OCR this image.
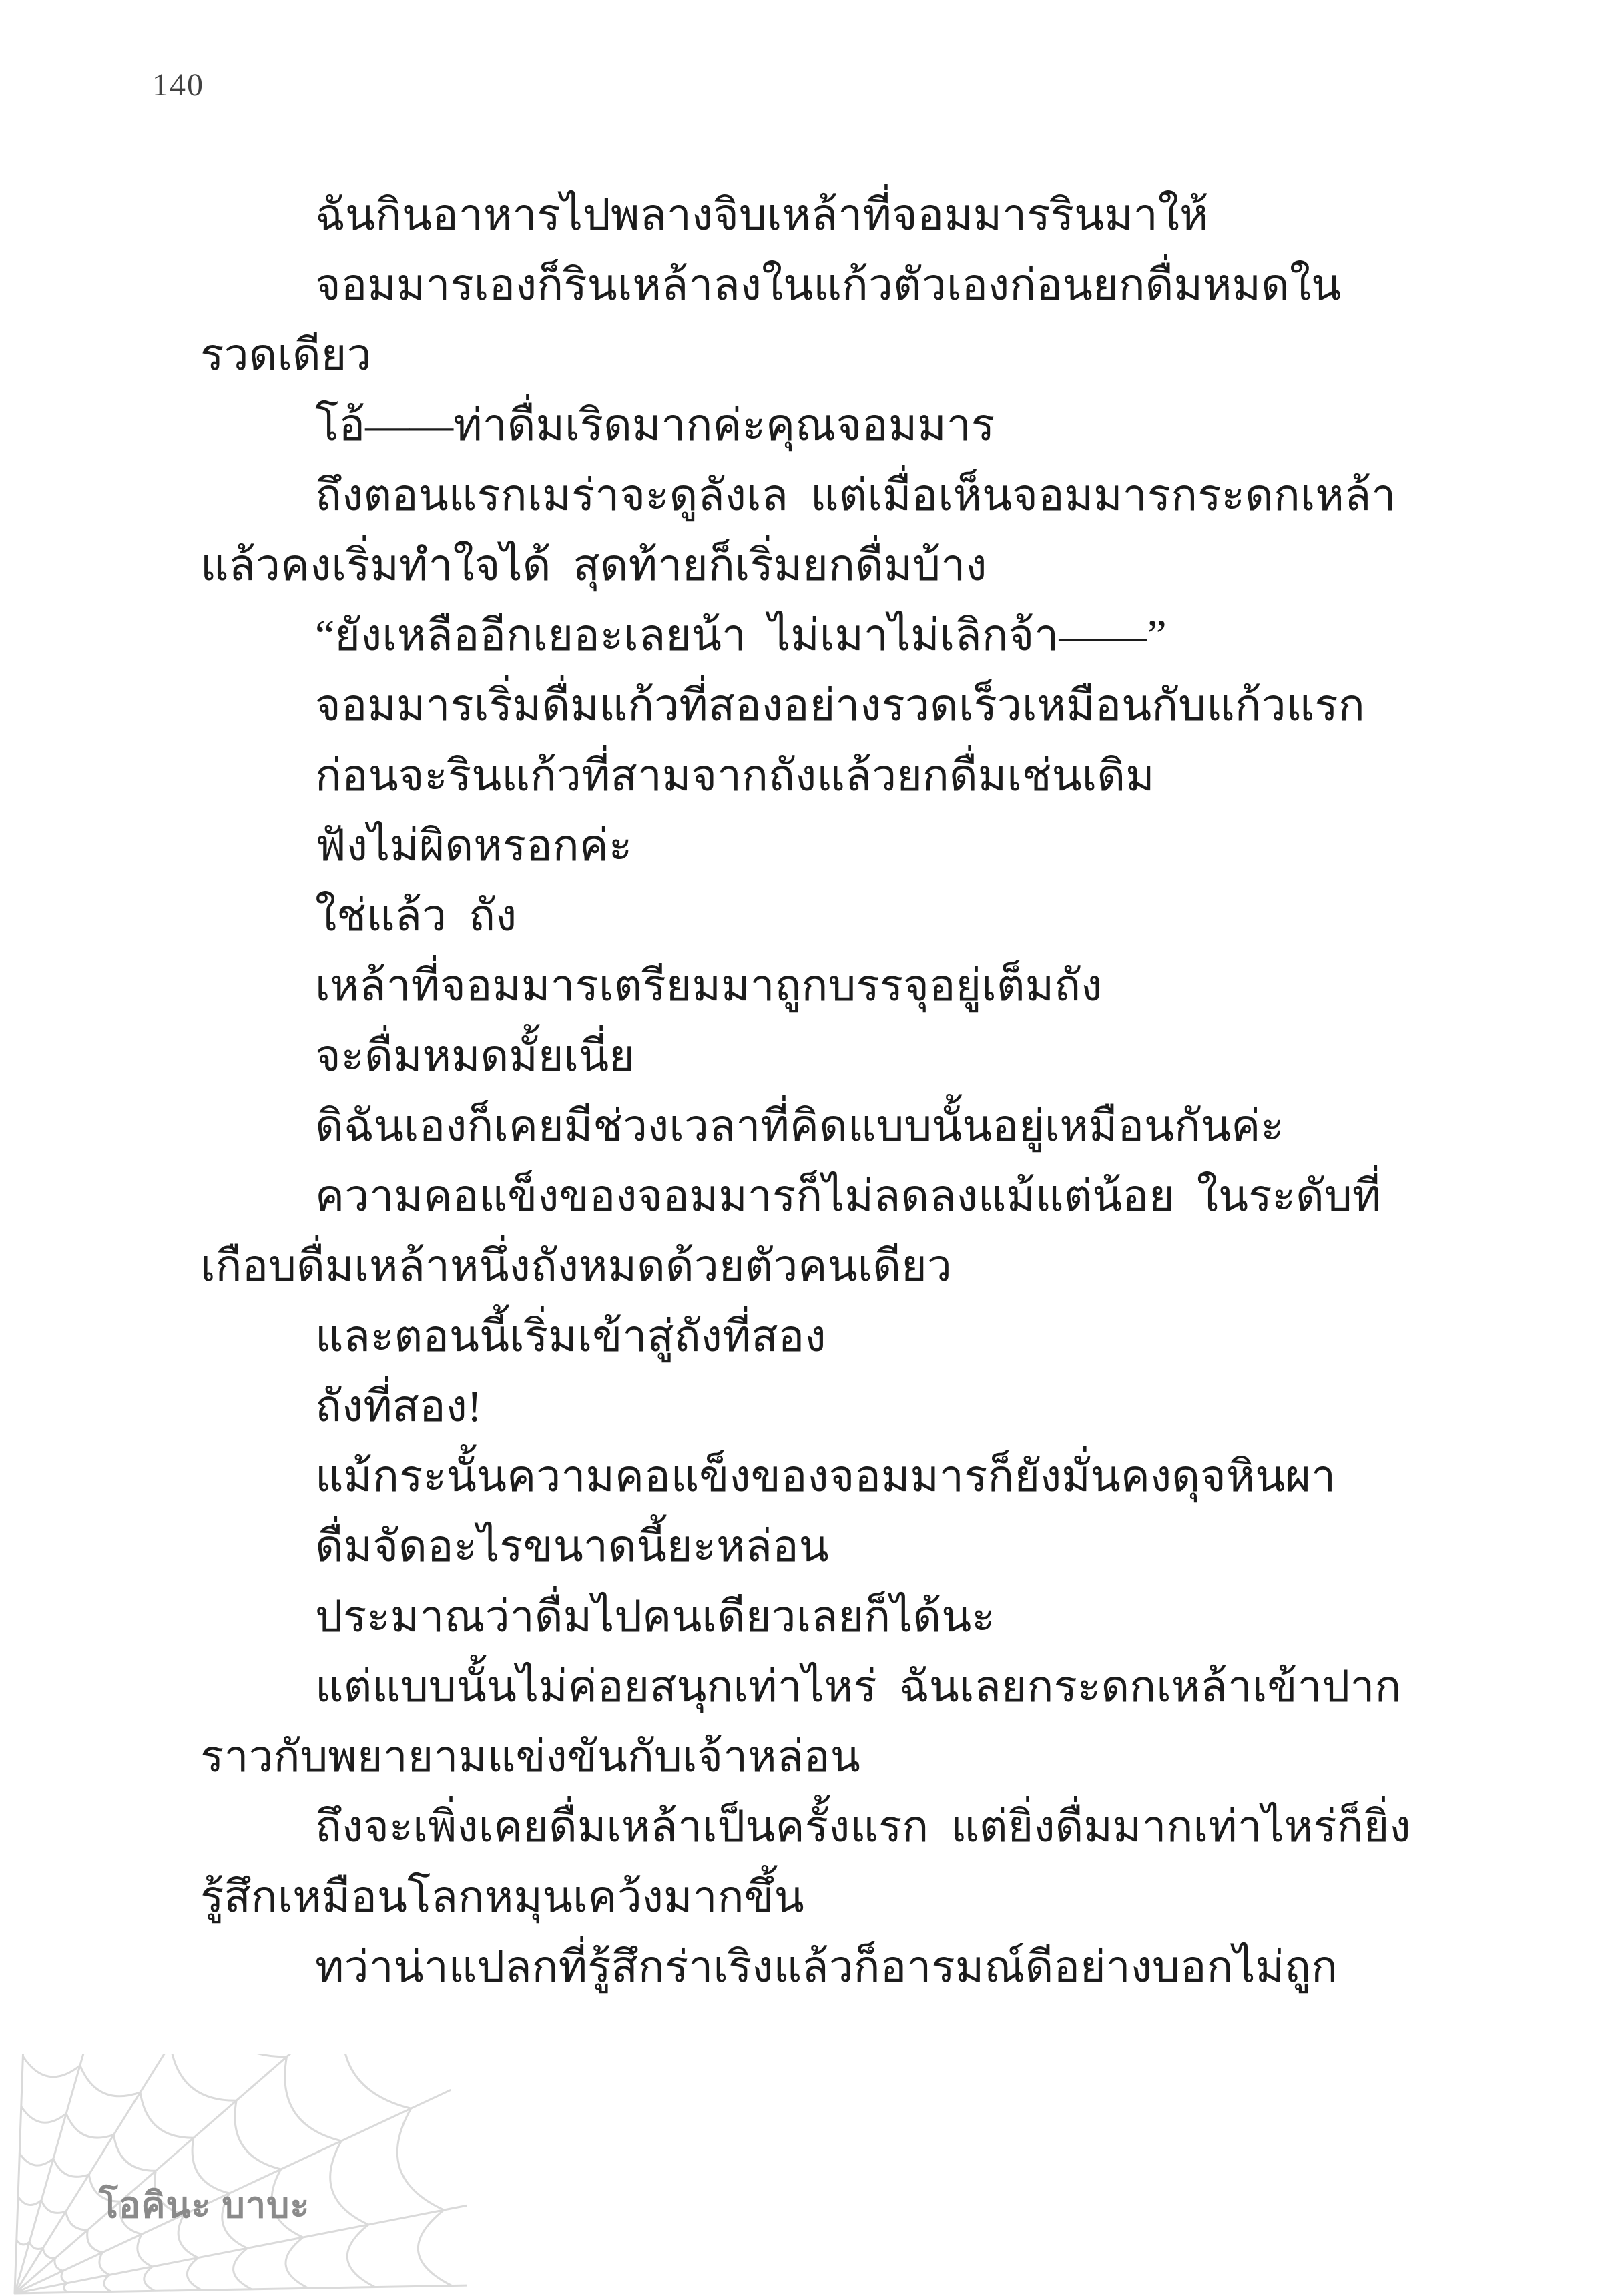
140

ฉันกินอาหารไปพลางจิบเหล้าที่จอมมารรินมาให้

จอมมารเองก็รินเหล้าลงในแก้วตัวเองก่อนยกดื่มหมดใน

รวดเดียว

โอ้——ท่าดื่มเริดมากค่ะคุณจอมมาร

ถึงตอนแรกเมร่าจะดูลังเล  แต่เมื่อเห็นจอมมารกระดกเหล้า

แล้วคงเริ่มทำใจได้  สุดท้ายก็เริ่มยกดื่มบ้าง

“ยังเหลืออีกเยอะเลยน้า  ไม่เมาไม่เลิกจ้า——”

จอมมารเริ่มดื่มแก้วที่สองอย่างรวดเร็วเหมือนกับแก้วแรก

ก่อนจะรินแก้วที่สามจากถังแล้วยกดื่มเช่นเดิม

ฟังไม่ผิดหรอกค่ะ

ใช่แล้ว  ถัง

เหล้าที่จอมมารเตรียมมาถูกบรรจุอยู่เต็มถัง

จะดื่มหมดมั้ยเนี่ย

ดิฉันเองก็เคยมีช่วงเวลาที่คิดแบบนั้นอยู่เหมือนกันค่ะ

ความคอแข็งของจอมมารก็ไม่ลดลงแม้แต่น้อย  ในระดับที่

เกือบดื่มเหล้าหนึ่งถังหมดด้วยตัวคนเดียว

และตอนนี้เริ่มเข้าสู่ถังที่สอง

ถังที่สอง!

แม้กระนั้นความคอแข็งของจอมมารก็ยังมั่นคงดุจหินผา

ดื่มจัดอะไรขนาดนี้ยะหล่อน

ประมาณว่าดื่มไปคนเดียวเลยก็ได้นะ

แต่แบบนั้นไม่ค่อยสนุกเท่าไหร่  ฉันเลยกระดกเหล้าเข้าปาก

ราวกับพยายามแข่งขันกับเจ้าหล่อน

ถึงจะเพิ่งเคยดื่มเหล้าเป็นครั้งแรก  แต่ยิ่งดื่มมากเท่าไหร่ก็ยิ่ง

รู้สึกเหมือนโลกหมุนเคว้งมากขึ้น

ทว่าน่าแปลกที่รู้สึกร่าเริงแล้วก็อารมณ์ดีอย่างบอกไม่ถูก

โอคินะ บาบะ
